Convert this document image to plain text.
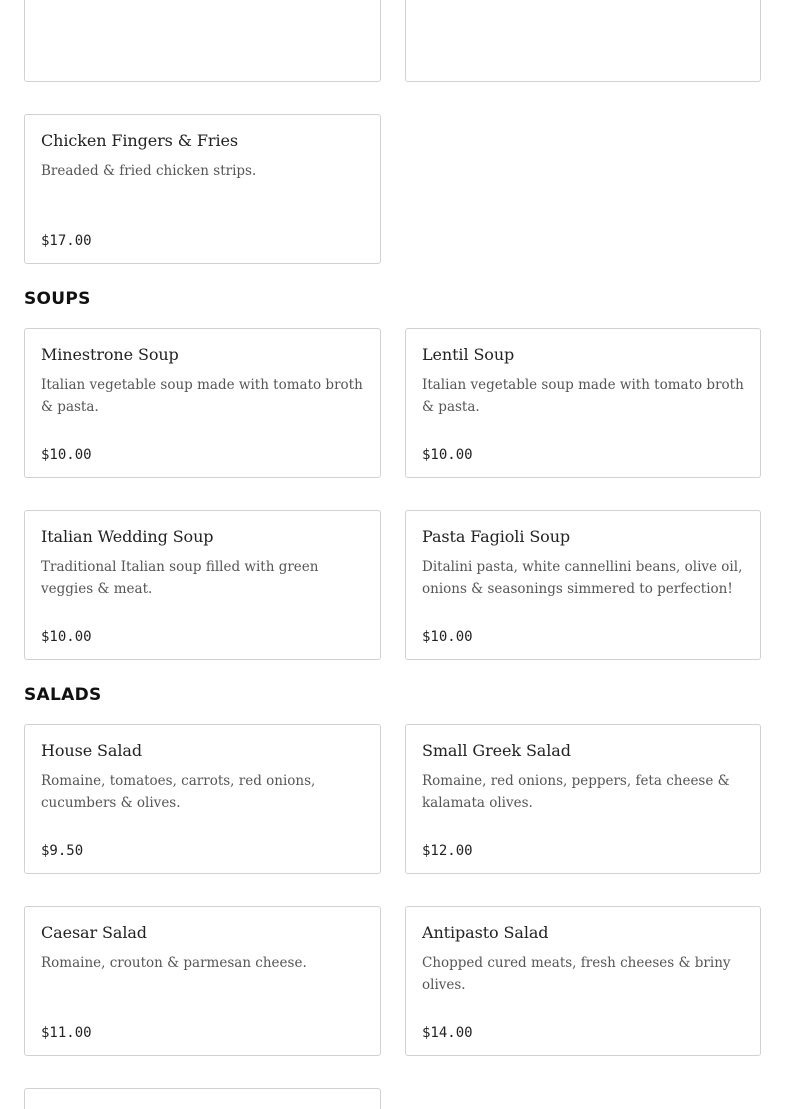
Chicken Fingers & Fries
Breaded & fried chicken strips.
$17.00
SOUPS
Minestrone Soup
Italian vegetable soup made with tomato broth & pasta.
$10.00
Lentil Soup
Italian vegetable soup made with tomato broth & pasta.
$10.00
Italian Wedding Soup
Traditional Italian soup filled with green veggies & meat.
$10.00
Pasta Fagioli Soup
Ditalini pasta, white cannellini beans, olive oil, onions & seasonings simmered to perfection!
$10.00
SALADS
House Salad
Romaine, tomatoes, carrots, red onions, cucumbers & olives.
$9.50
Small Greek Salad
Romaine, red onions, peppers, feta cheese & kalamata olives.
$12.00
Caesar Salad
Romaine, crouton & parmesan cheese.
$11.00
Antipasto Salad
Chopped cured meats, fresh cheeses & briny olives.
$14.00
